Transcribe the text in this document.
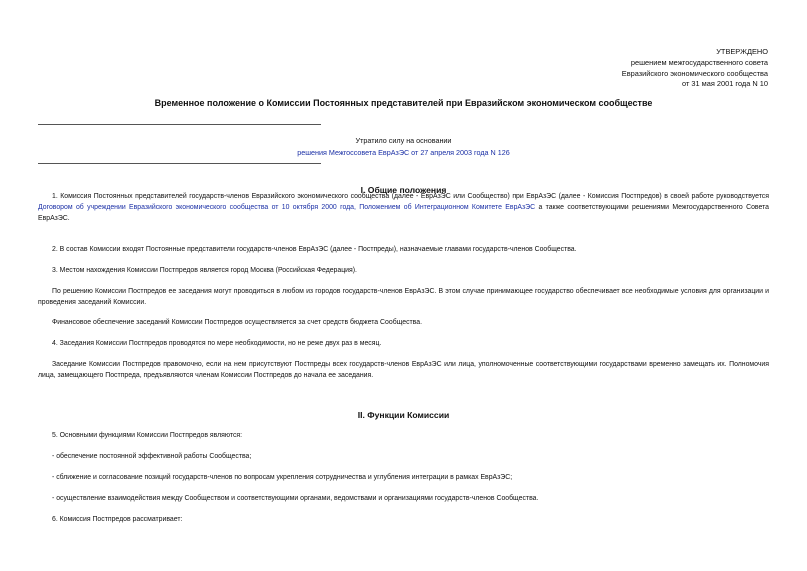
УТВЕРЖДЕНО
решением межгосударственного совета
Евразийского экономического сообщества
от 31 мая 2001 года N 10
Временное положение о Комиссии Постоянных представителей при Евразийском экономическом сообществе
Утратило силу на основании
решения Межгоссовета ЕврАзЭС от 27 апреля 2003 года N 126
I. Общие положения

1. Комиссия Постоянных представителей государств-членов Евразийского экономического сообщества (далее - ЕврАзЭС или Сообщество) при ЕврАзЭС (далее - Комиссия Постпредов) в своей работе руководствуется Договором об учреждении Евразийского экономического сообщества от 10 октября 2000 года, Положением об Интеграционном Комитете ЕврАзЭС а также соответствующими решениями Межгосударственного Совета ЕврАзЭС.

2. В состав Комиссии входят Постоянные представители государств-членов ЕврАзЭС (далее - Постпреды), назначаемые главами государств-членов Сообщества.

3. Местом нахождения Комиссии Постпредов является город Москва (Российская Федерация).

По решению Комиссии Постпредов ее заседания могут проводиться в любом из городов государств-членов ЕврАзЭС. В этом случае принимающее государство обеспечивает все необходимые условия для организации и проведения заседаний Комиссии.

Финансовое обеспечение заседаний Комиссии Постпредов осуществляется за счет средств бюджета Сообщества.

4. Заседания Комиссии Постпредов проводятся по мере необходимости, но не реже двух раз в месяц.

Заседание Комиссии Постпредов правомочно, если на нем присутствуют Постпреды всех государств-членов ЕврАзЭС или лица, уполномоченные соответствующими государствами временно замещать их. Полномочия лица, замещающего Постпреда, предъявляются членам Комиссии Постпредов до начала ее заседания.

II. Функции Комиссии

5. Основными функциями Комиссии Постпредов являются:

- обеспечение постоянной эффективной работы Сообщества;

- сближение и согласование позиций государств-членов по вопросам укрепления сотрудничества и углубления интеграции в рамках ЕврАзЭС;

- осуществление взаимодействия между Сообществом и соответствующими органами, ведомствами и организациями государств-членов Сообщества.

6. Комиссия Постпредов рассматривает:
